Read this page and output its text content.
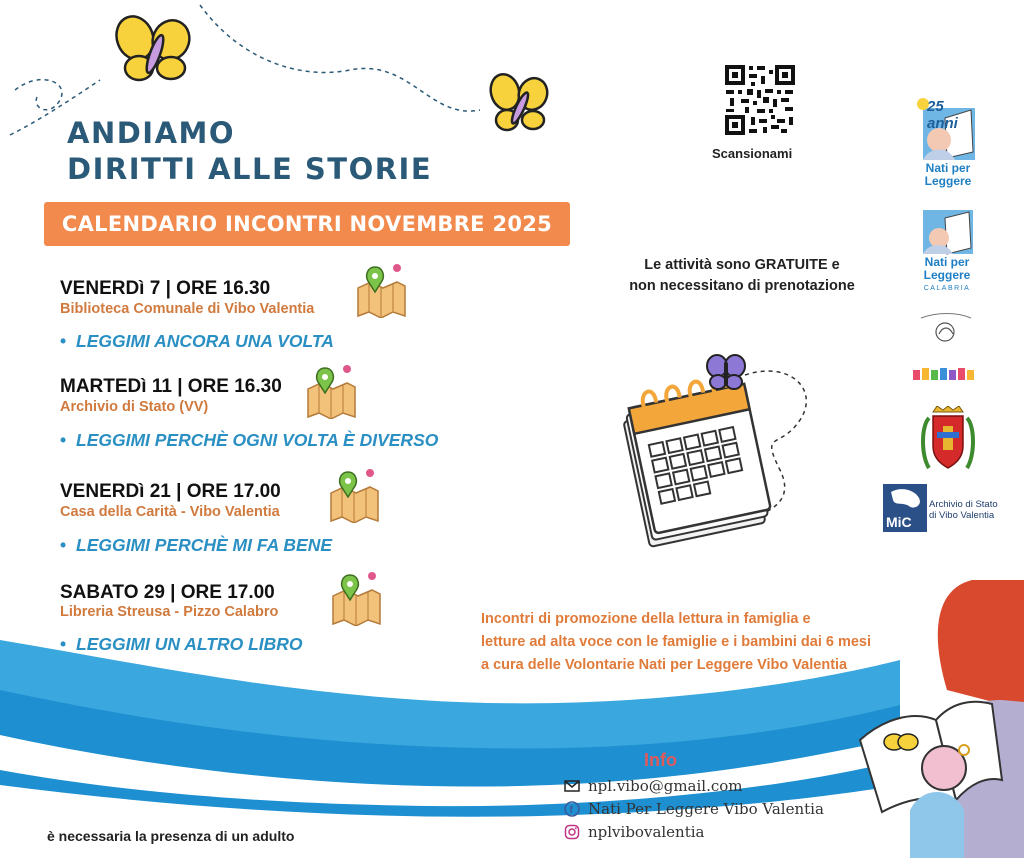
ANDIAMO
DIRITTI ALLE STORIE
CALENDARIO INCONTRI NOVEMBRE 2025
VENERDì 7 | ORE 16.30
Biblioteca Comunale di Vibo Valentia
• LEGGIMI ANCORA UNA VOLTA
MARTEDì 11 | ORE 16.30
Archivio di Stato (VV)
• LEGGIMI PERCHÈ OGNI VOLTA È DIVERSO
VENERDì 21 | ORE 17.00
Casa della Carità - Vibo Valentia
• LEGGIMI PERCHÈ MI FA BENE
SABATO 29 | ORE 17.00
Libreria Streusa - Pizzo Calabro
• LEGGIMI UN ALTRO LIBRO
Scansionami
Le attività sono GRATUITE e
non necessitano di prenotazione
25 anni
Nati per
Leggere
Nati per
Leggere
CALABRIA
MiC
Archivio di Stato
di Vibo Valentia
Incontri di promozione della lettura in famiglia e
letture ad alta voce con le famiglie e i bambini dai 6 mesi
a cura delle Volontarie Nati per Leggere Vibo Valentia
Info
npl.vibo@gmail.com
f Nati Per Leggere Vibo Valentia
nplvibovalentia
è necessaria la presenza di un adulto
